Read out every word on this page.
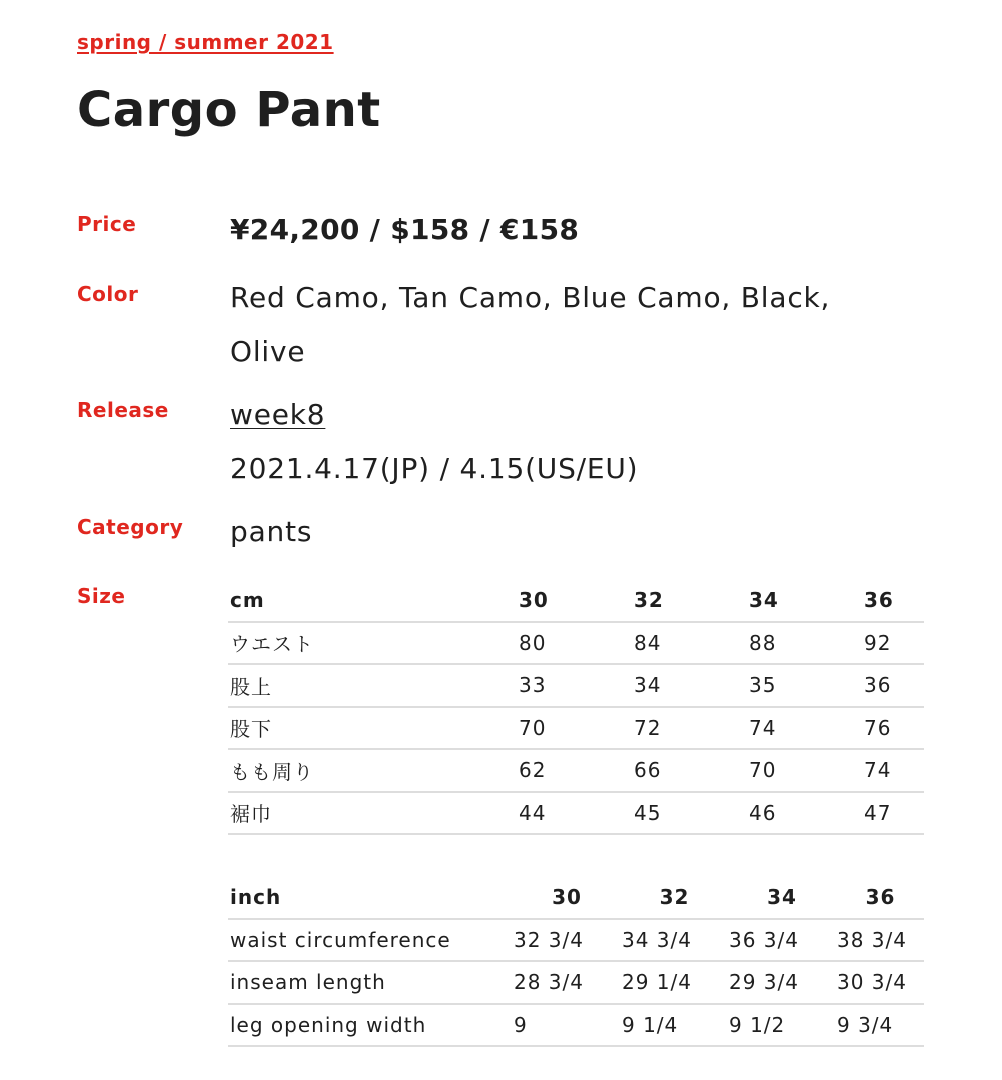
spring / summer 2021
Cargo Pant
Price	¥24,200 / $158 / €158
Color	Red Camo, Tan Camo, Blue Camo, Black,
Olive
Release week8
2021.4.17(JP) / 4.15(US/EU)
Category pants
Size	cm	30	32	34	36
ウエスト	80	84	88	92
股上	33	34	35	36
股下	70	72	74	76
もも周り	62	66	70	74
裾巾	44	45	46	47
inch	30	32	34	36
waist circumference	32 3/4	34 3/4	36 3/4	38 3/4
inseam length	28 3/4	29 1/4	29 3/4	30 3/4
leg opening width	9	9 1/4	9 1/2	9 3/4
